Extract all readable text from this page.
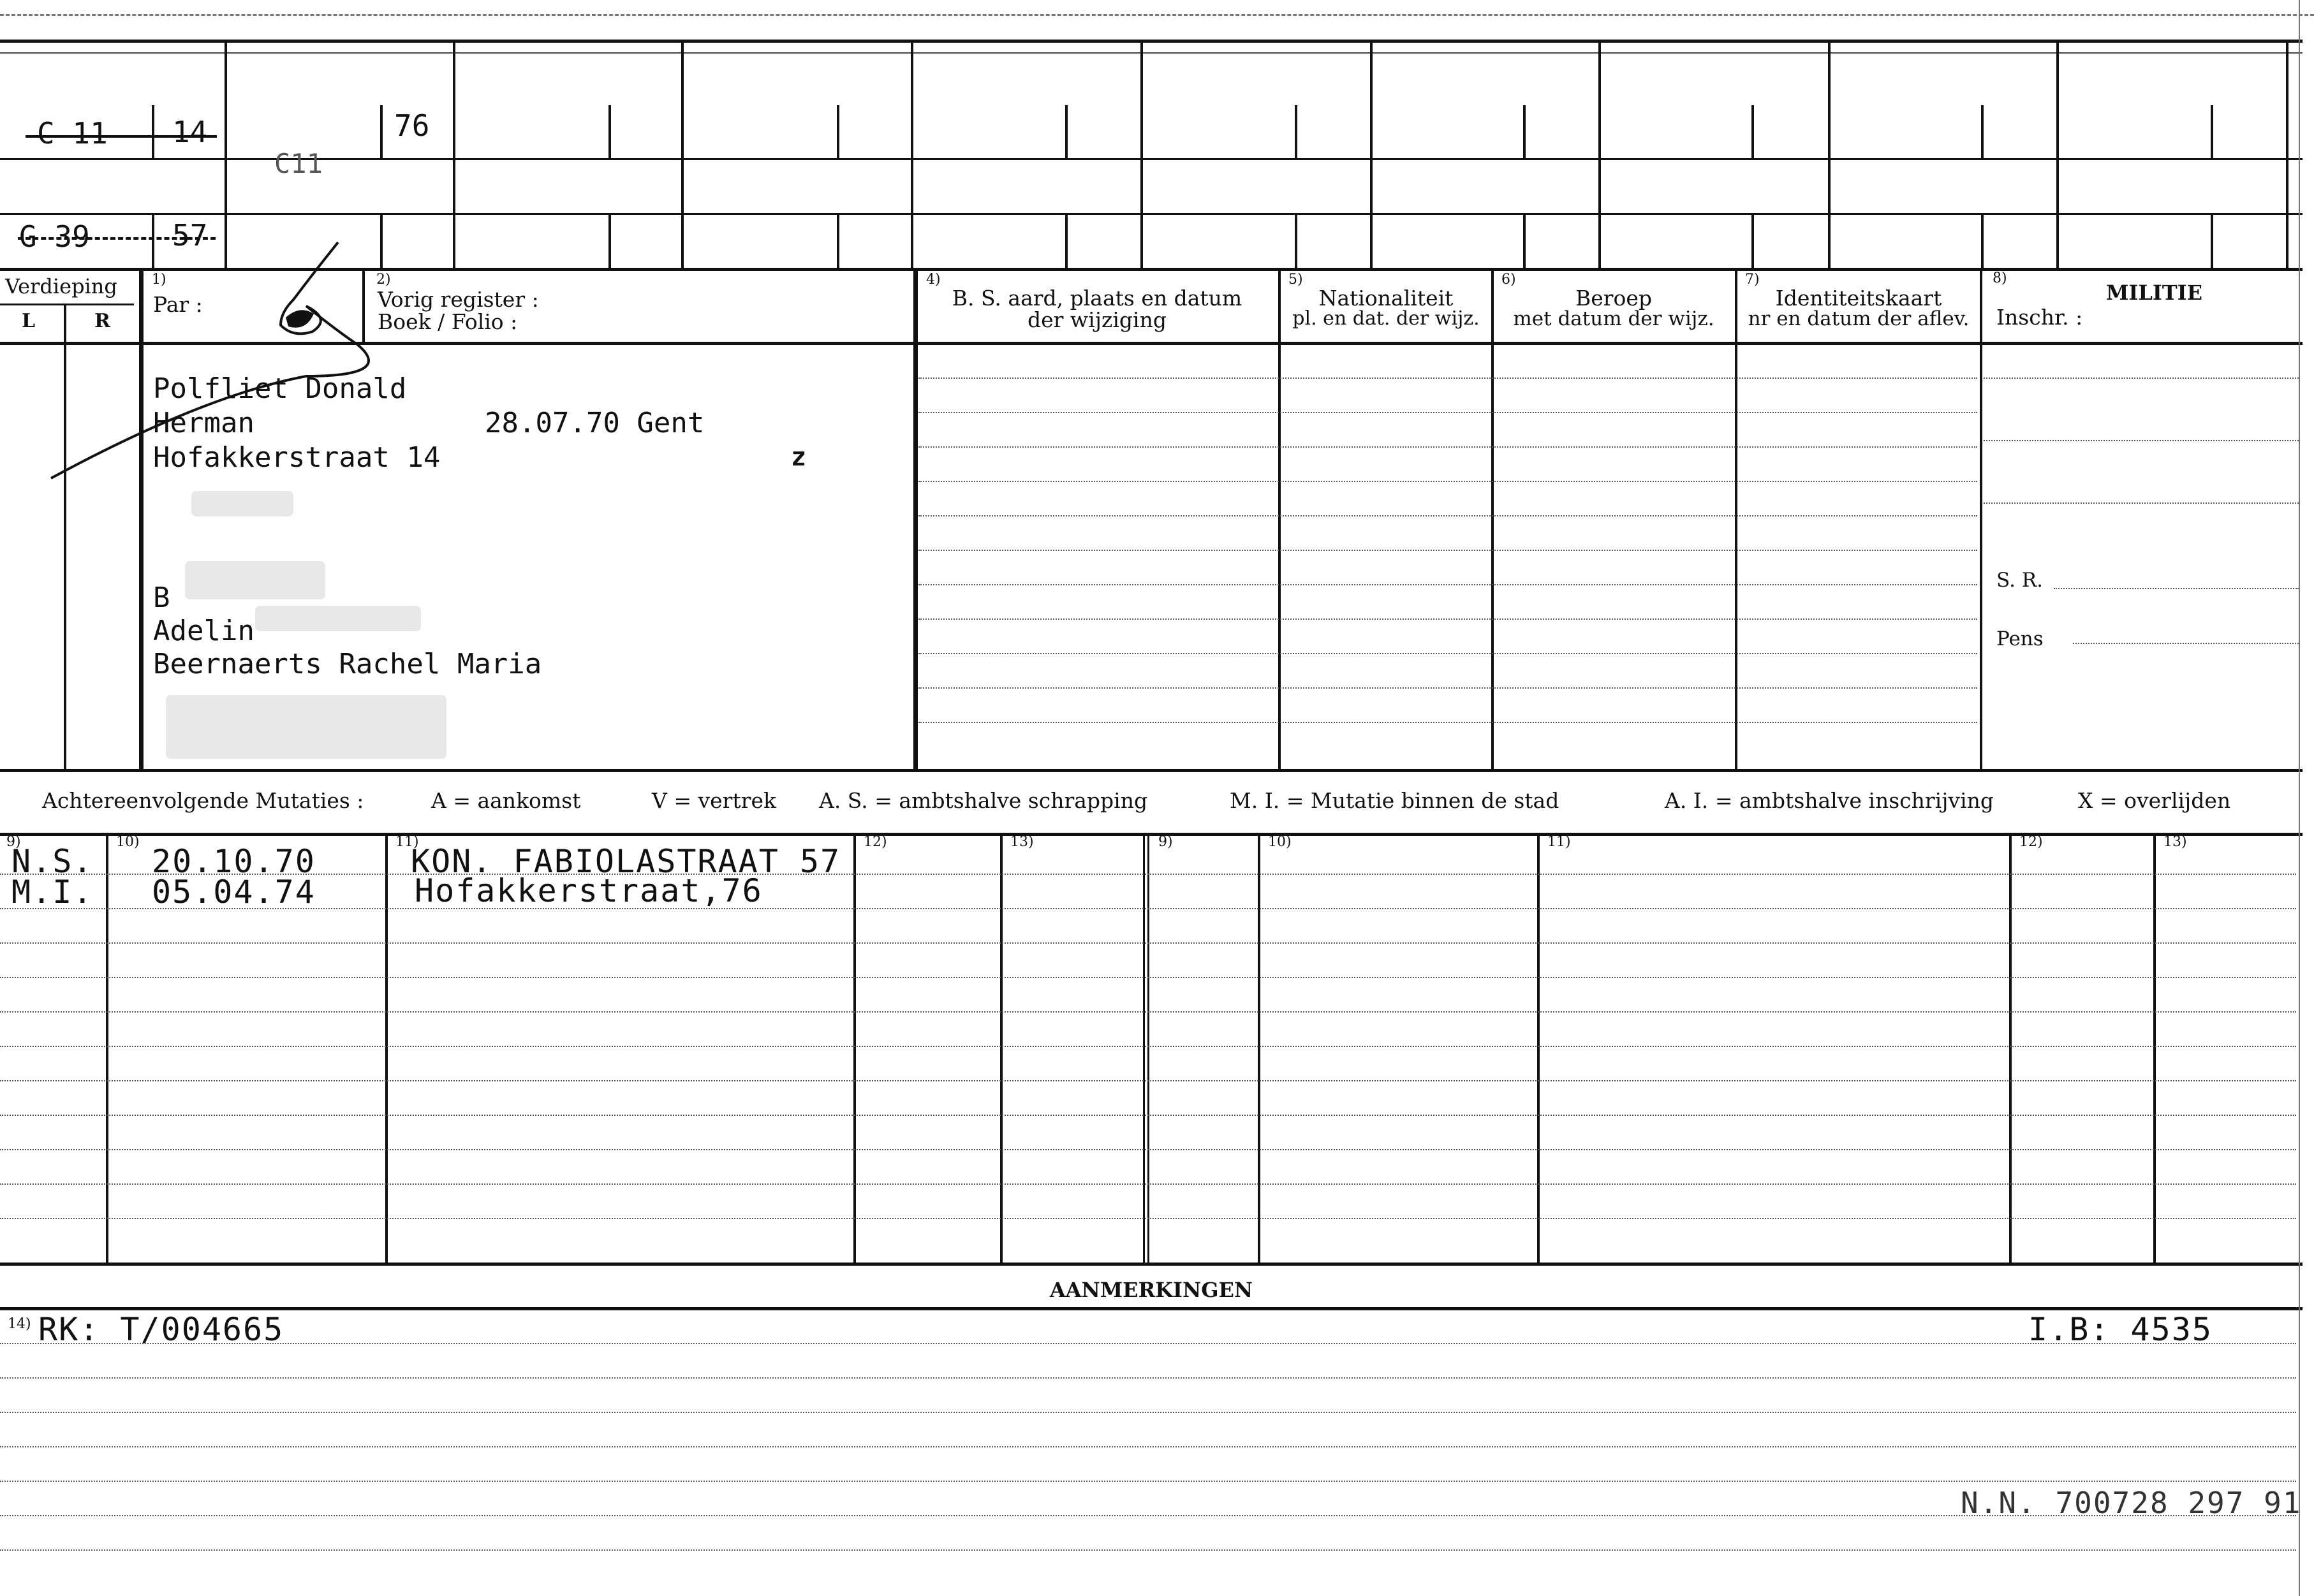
C 11 14
G 39	57
C11
76
Verdieping
L	R
1)
Par :
2)
Vorig register :
Boek / Folio :
4)
B. S. aard, plaats en datum
der wijziging
5)
Nationaliteit
pl. en dat. der wijz.
6)
Beroep
met datum der wijz.
7)
Identiteitskaart
nr en datum der aflev.
8)
MILITIE
Inschr. :
Polfliet Donald
Herman	28.07.70 Gent
Hofakkerstraat 14	z
B
Adelin
Beernaerts Rachel Maria
S. R.
Pens
Achtereenvolgende Mutaties :	A = aankomst	V = vertrek A. S. = ambtshalve schrapping	M. I. = Mutatie binnen de stad	A. I. = ambtshalve inschrijving	X = overlijden
9)	10)	11)	12)	13)	9)	10)	11)	12)	13)
N.S. 20.10.70	KON. FABIOLASTRAAT 57
M.I. 05.04.74	Hofakkerstraat,76
AANMERKINGEN
14) RK: T/004665	I.B: 4535
N.N. 700728 297 91
